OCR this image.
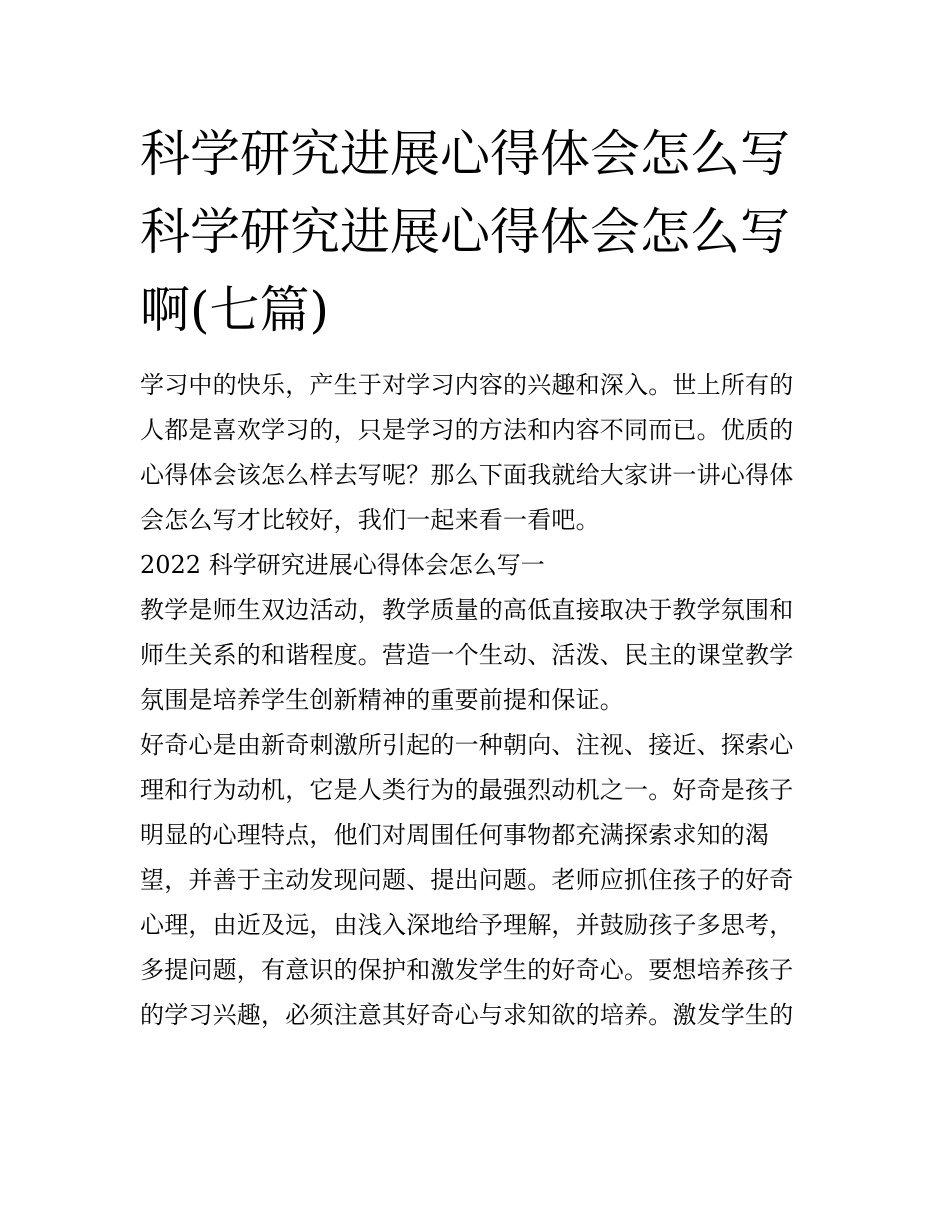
科学研究进展心得体会怎么写
科学研究进展心得体会怎么写
啊(七篇)

学习中的快乐，产生于对学习内容的兴趣和深入。世上所有的
人都是喜欢学习的，只是学习的方法和内容不同而已。优质的
心得体会该怎么样去写呢？那么下面我就给大家讲一讲心得体
会怎么写才比较好，我们一起来看一看吧。

2022 科学研究进展心得体会怎么写一

教学是师生双边活动，教学质量的高低直接取决于教学氛围和
师生关系的和谐程度。营造一个生动、活泼、民主的课堂教学
氛围是培养学生创新精神的重要前提和保证。

好奇心是由新奇刺激所引起的一种朝向、注视、接近、探索心
理和行为动机，它是人类行为的最强烈动机之一。好奇是孩子
明显的心理特点，他们对周围任何事物都充满探索求知的渴
望，并善于主动发现问题、提出问题。老师应抓住孩子的好奇
心理，由近及远，由浅入深地给予理解，并鼓励孩子多思考，
多提问题，有意识的保护和激发学生的好奇心。要想培养孩子
的学习兴趣，必须注意其好奇心与求知欲的培养。激发学生的
